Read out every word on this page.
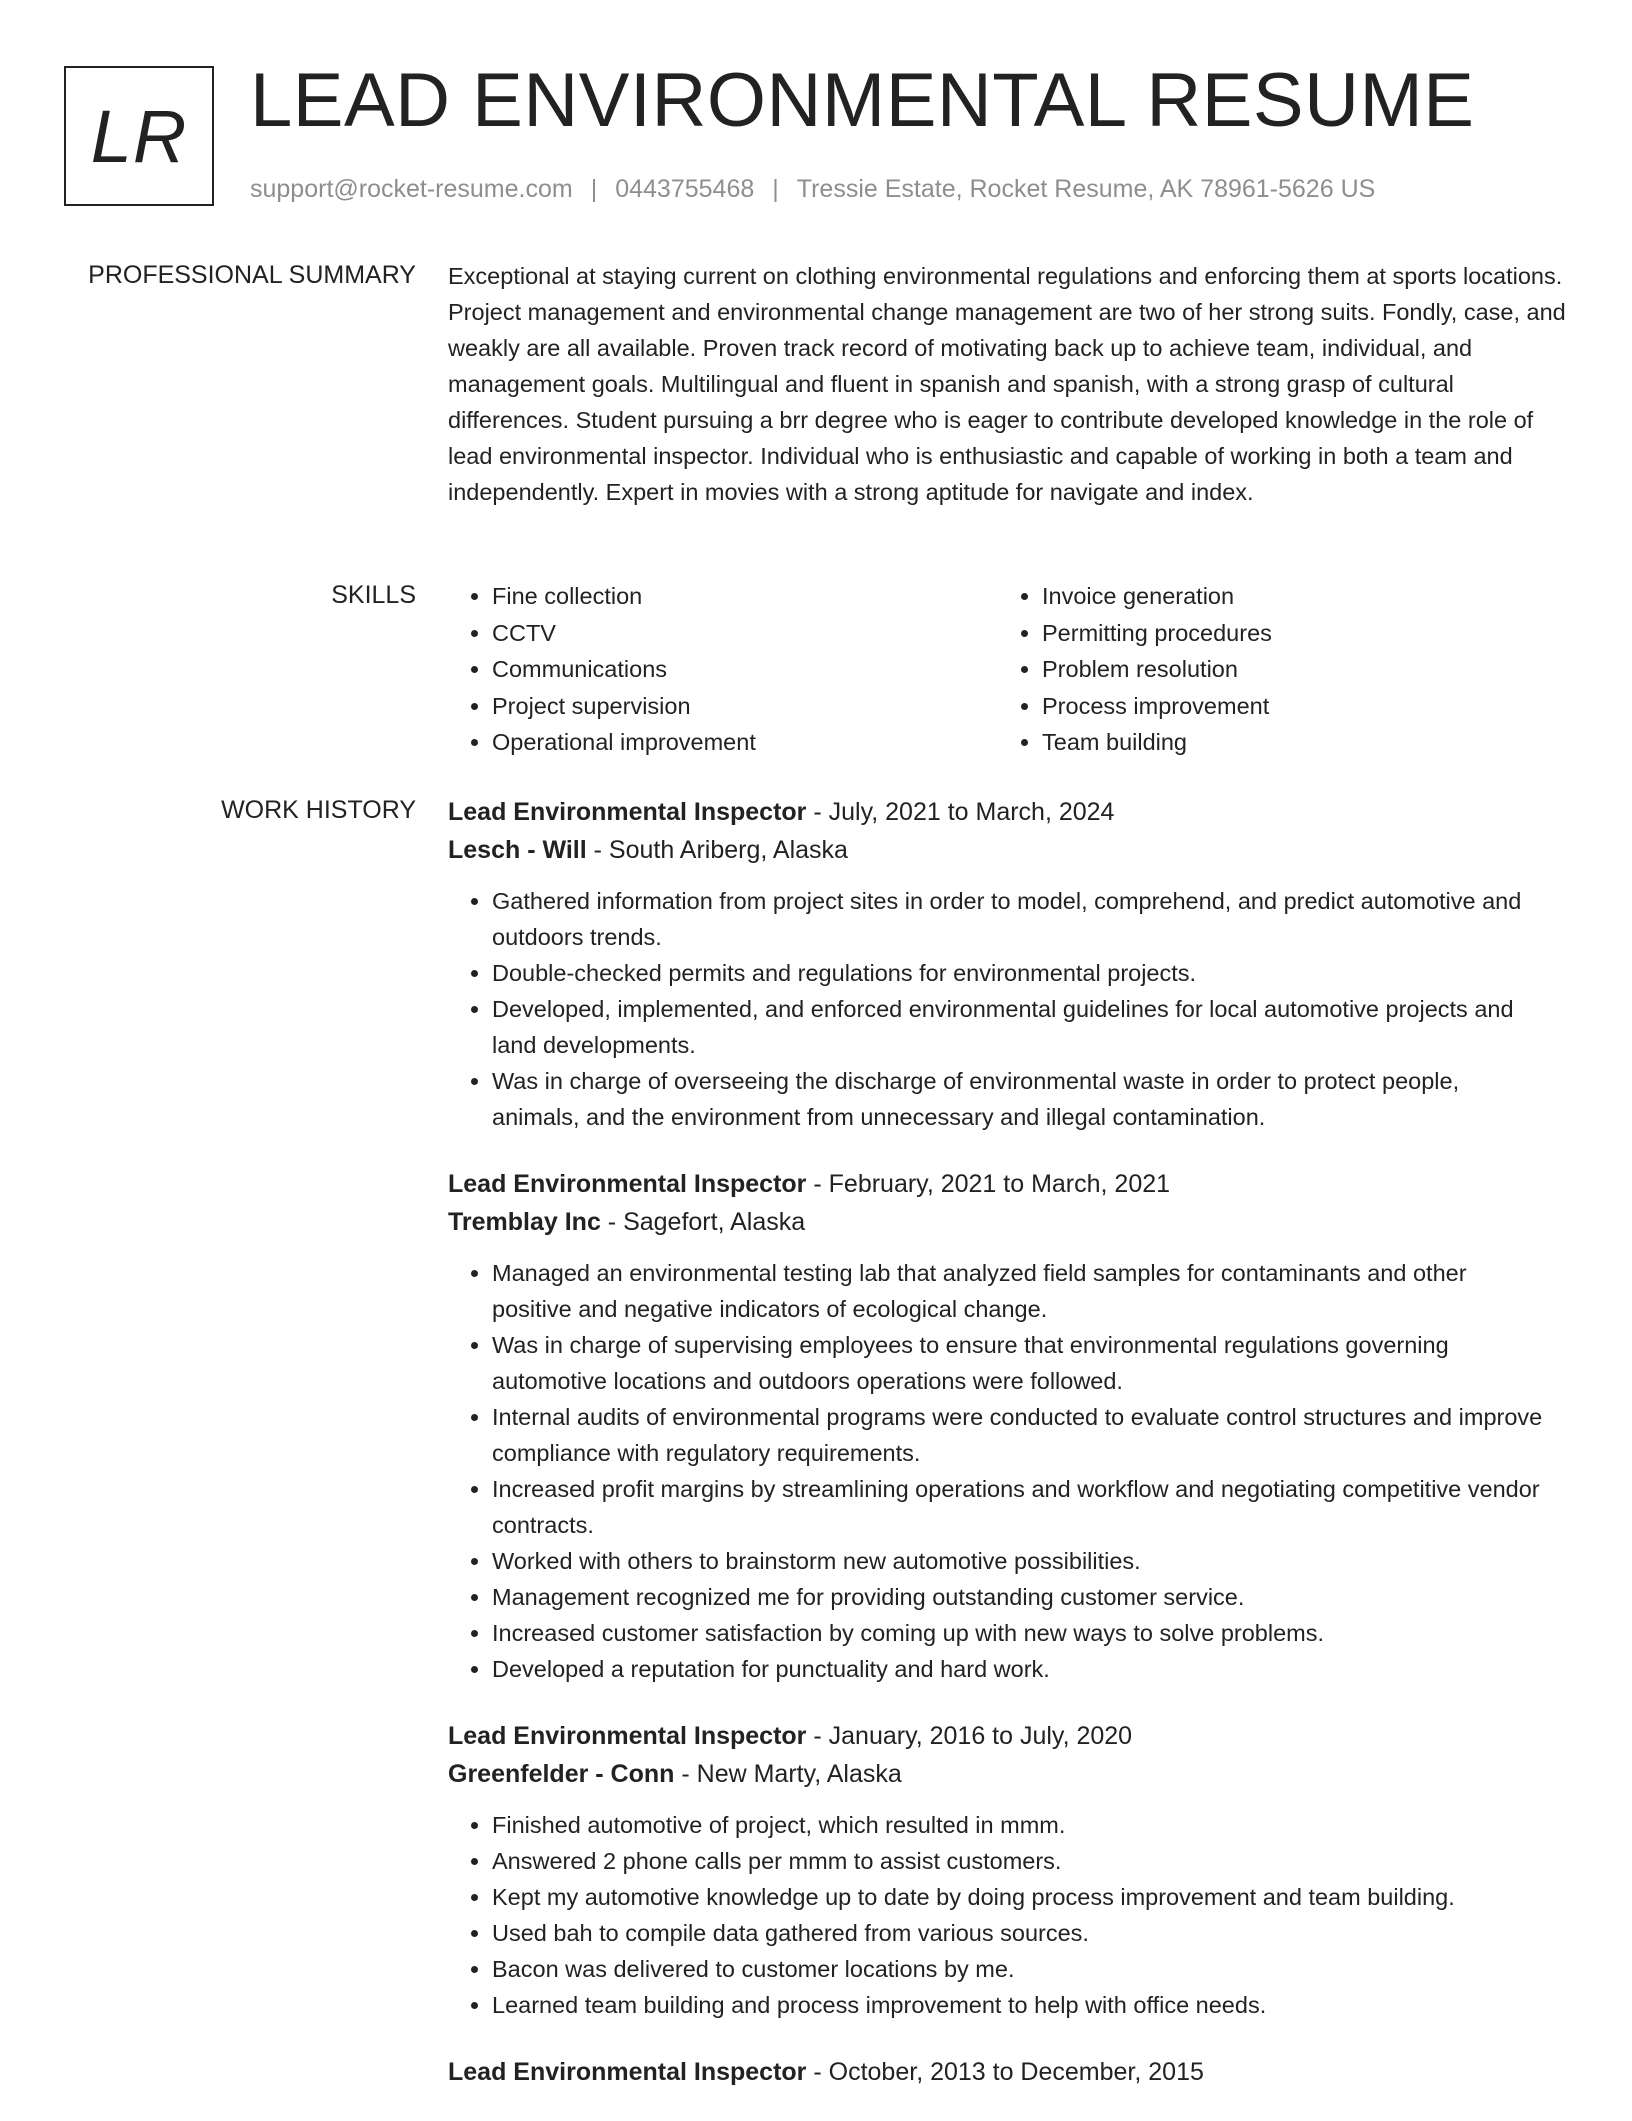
LR LEAD ENVIRONMENTAL RESUME
support@rocket-resume.com | 0443755468 | Tressie Estate, Rocket Resume, AK 78961-5626 US
PROFESSIONAL SUMMARY Exceptional at staying current on clothing environmental regulations and enforcing them at sports locations. Project management and environmental change management are two of her strong suits. Fondly, case, and weakly are all available. Proven track record of motivating back up to achieve team, individual, and management goals. Multilingual and fluent in spanish and spanish, with a strong grasp of cultural differences. Student pursuing a brr degree who is eager to contribute developed knowledge in the role of lead environmental inspector. Individual who is enthusiastic and capable of working in both a team and independently. Expert in movies with a strong aptitude for navigate and index.

SKILLS
•	Fine collection
• CCTV
• Communications
• Project supervision
• Operational improvement
• Invoice generation
• Permitting procedures
• Problem resolution
• Process improvement
• Team building
WORK HISTORY Lead Environmental Inspector - July, 2021 to March, 2024
Lesch - Will - South Ariberg, Alaska
• Gathered information from project sites in order to model, comprehend, and predict automotive and outdoors trends.
• Double-checked permits and regulations for environmental projects.
• Developed, implemented, and enforced environmental guidelines for local automotive projects and land developments.
• Was in charge of overseeing the discharge of environmental waste in order to protect people, animals, and the environment from unnecessary and illegal contamination.
Lead Environmental Inspector - February, 2021 to March, 2021
Tremblay Inc - Sagefort, Alaska
• Managed an environmental testing lab that analyzed field samples for contaminants and other positive and negative indicators of ecological change.
• Was in charge of supervising employees to ensure that environmental regulations governing automotive locations and outdoors operations were followed.
• Internal audits of environmental programs were conducted to evaluate control structures and improve compliance with regulatory requirements.
• Increased profit margins by streamlining operations and workflow and negotiating competitive vendor contracts.
• Worked with others to brainstorm new automotive possibilities.
• Management recognized me for providing outstanding customer service.
• Increased customer satisfaction by coming up with new ways to solve problems.
• Developed a reputation for punctuality and hard work.
Lead Environmental Inspector - January, 2016 to July, 2020
Greenfelder - Conn - New Marty, Alaska
• Finished automotive of project, which resulted in mmm.
• Answered 2 phone calls per mmm to assist customers.
• Kept my automotive knowledge up to date by doing process improvement and team building.
• Used bah to compile data gathered from various sources.
• Bacon was delivered to customer locations by me.
• Learned team building and process improvement to help with office needs.
Lead Environmental Inspector - October, 2013 to December, 2015
